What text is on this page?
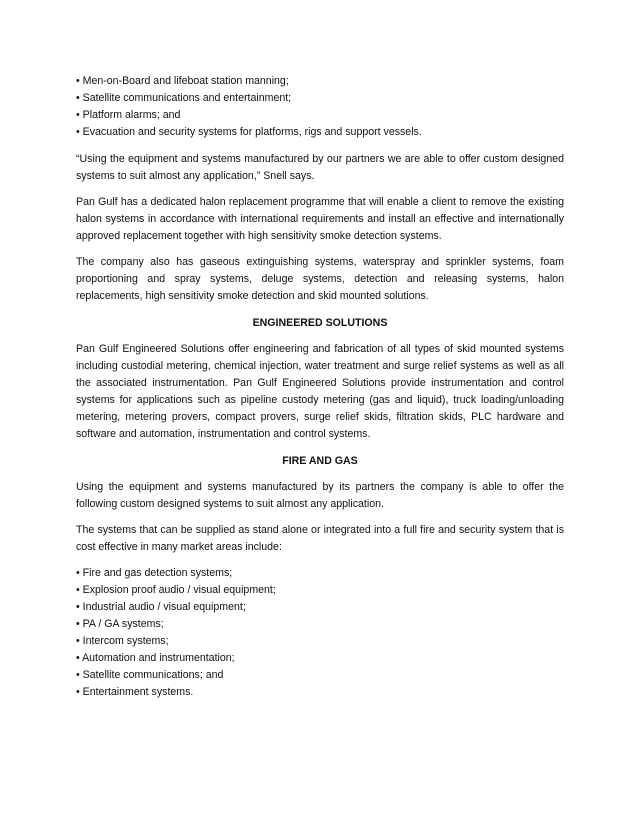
• Men-on-Board and lifeboat station manning;
• Satellite communications and entertainment;
• Platform alarms; and
• Evacuation and security systems for platforms, rigs and support vessels.

“Using the equipment and systems manufactured by our partners we are able to offer custom designed systems to suit almost any application,” Snell says.

Pan Gulf has a dedicated halon replacement programme that will enable a client to remove the existing halon systems in accordance with international requirements and install an effective and internationally approved replacement together with high sensitivity smoke detection systems.

The company also has gaseous extinguishing systems, waterspray and sprinkler systems, foam proportioning and spray systems, deluge systems, detection and releasing systems, halon replacements, high sensitivity smoke detection and skid mounted solutions.

ENGINEERED SOLUTIONS

Pan Gulf Engineered Solutions offer engineering and fabrication of all types of skid mounted systems including custodial metering, chemical injection, water treatment and surge relief systems as well as all the associated instrumentation. Pan Gulf Engineered Solutions provide instrumentation and control systems for applications such as pipeline custody metering (gas and liquid), truck loading/unloading metering, metering provers, compact provers, surge relief skids, filtration skids, PLC hardware and software and automation, instrumentation and control systems.

FIRE AND GAS

Using the equipment and systems manufactured by its partners the company is able to offer the following custom designed systems to suit almost any application.

The systems that can be supplied as stand alone or integrated into a full fire and security system that is cost effective in many market areas include:

• Fire and gas detection systems;
• Explosion proof audio / visual equipment;
• Industrial audio / visual equipment;
• PA / GA systems;
• Intercom systems;
• Automation and instrumentation;
• Satellite communications; and
• Entertainment systems.
